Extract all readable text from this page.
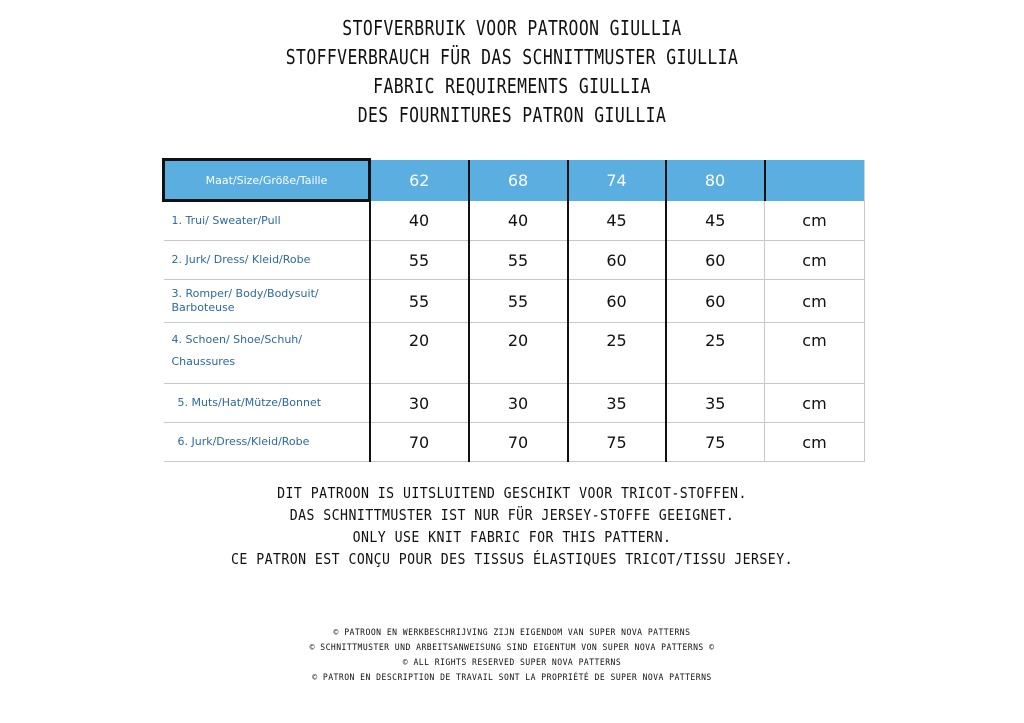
STOFVERBRUIK VOOR PATROON GIULLIA
STOFFVERBRAUCH FÜR DAS SCHNITTMUSTER GIULLIA
FABRIC REQUIREMENTS GIULLIA
DES FOURNITURES PATRON GIULLIA
Maat/Size/Größe/Taille	62	68	74	80	
1. Trui/ Sweater/Pull	40	40	45	45	cm
2. Jurk/ Dress/ Kleid/Robe	55	55	60	60	cm
3. Romper/ Body/Bodysuit/ Barboteuse	55	55	60	60	cm
4. Schoen/ Shoe/Schuh/ Chaussures	20	20	25	25	cm
5. Muts/Hat/Mütze/Bonnet	30	30	35	35	cm
6. Jurk/Dress/Kleid/Robe	70	70	75	75	cm
DIT PATROON IS UITSLUITEND GESCHIKT VOOR TRICOT-STOFFEN.
DAS SCHNITTMUSTER IST NUR FÜR JERSEY-STOFFE GEEIGNET.
ONLY USE KNIT FABRIC FOR THIS PATTERN.
CE PATRON EST CONÇU POUR DES TISSUS ÉLASTIQUES TRICOT/TISSU JERSEY.
© PATROON EN WERKBESCHRIJVING ZIJN EIGENDOM VAN SUPER NOVA PATTERNS
© SCHNITTMUSTER UND ARBEITSANWEISUNG SIND EIGENTUM VON SUPER NOVA PATTERNS ©
© ALL RIGHTS RESERVED SUPER NOVA PATTERNS
© PATRON EN DESCRIPTION DE TRAVAIL SONT LA PROPRIÉTÉ DE SUPER NOVA PATTERNS
